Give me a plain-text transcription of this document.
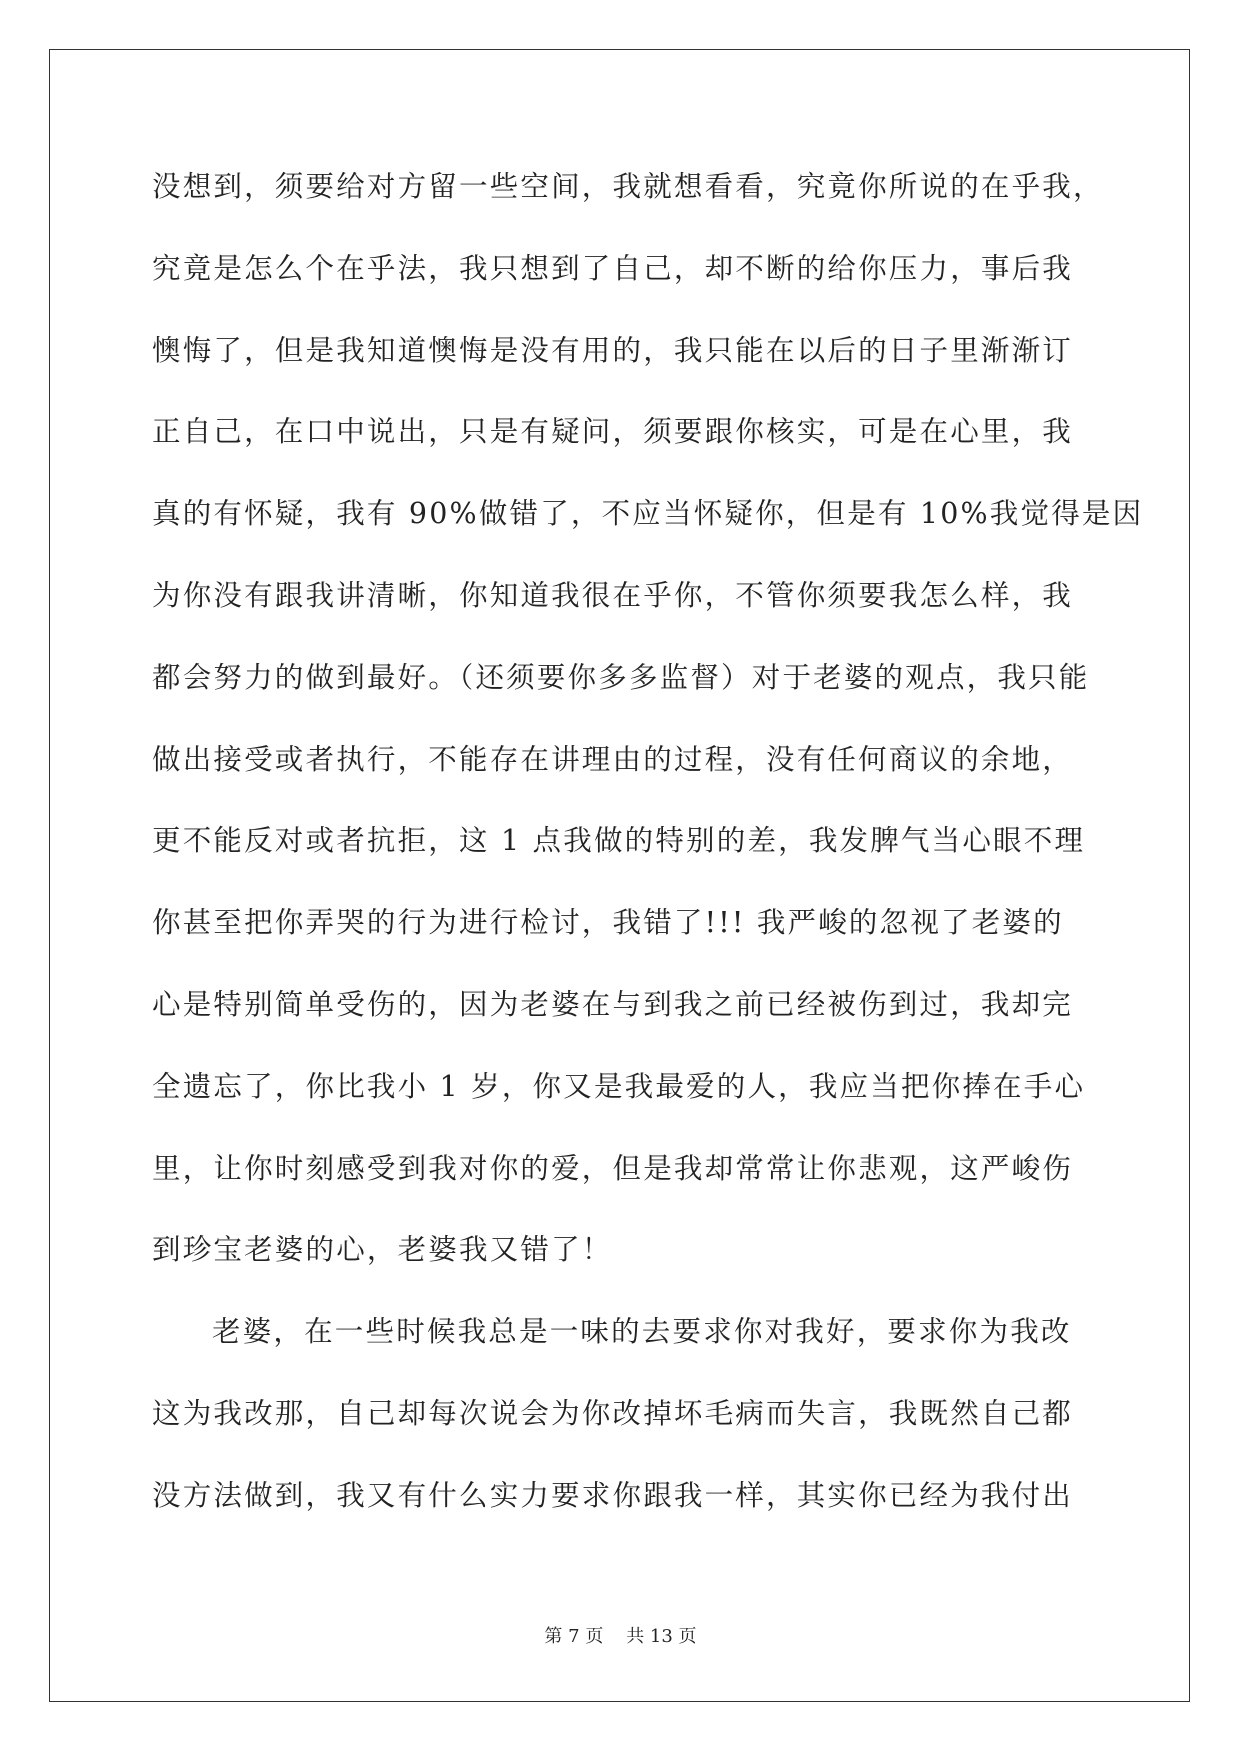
没想到，须要给对方留一些空间，我就想看看，究竟你所说的在乎我，
究竟是怎么个在乎法，我只想到了自己，却不断的给你压力，事后我
懊悔了，但是我知道懊悔是没有用的，我只能在以后的日子里渐渐订
正自己，在口中说出，只是有疑问，须要跟你核实，可是在心里，我
真的有怀疑，我有 90%做错了，不应当怀疑你，但是有 10%我觉得是因
为你没有跟我讲清晰，你知道我很在乎你，不管你须要我怎么样，我
都会努力的做到最好。（还须要你多多监督）对于老婆的观点，我只能
做出接受或者执行，不能存在讲理由的过程，没有任何商议的余地，
更不能反对或者抗拒，这 1 点我做的特别的差，我发脾气当心眼不理
你甚至把你弄哭的行为进行检讨，我错了!!! 我严峻的忽视了老婆的
心是特别简单受伤的，因为老婆在与到我之前已经被伤到过，我却完
全遗忘了，你比我小 1 岁，你又是我最爱的人，我应当把你捧在手心
里，让你时刻感受到我对你的爱，但是我却常常让你悲观，这严峻伤
到珍宝老婆的心，老婆我又错了！
老婆，在一些时候我总是一味的去要求你对我好，要求你为我改
这为我改那，自己却每次说会为你改掉坏毛病而失言，我既然自己都
没方法做到，我又有什么实力要求你跟我一样，其实你已经为我付出
第 7 页    共 13 页
